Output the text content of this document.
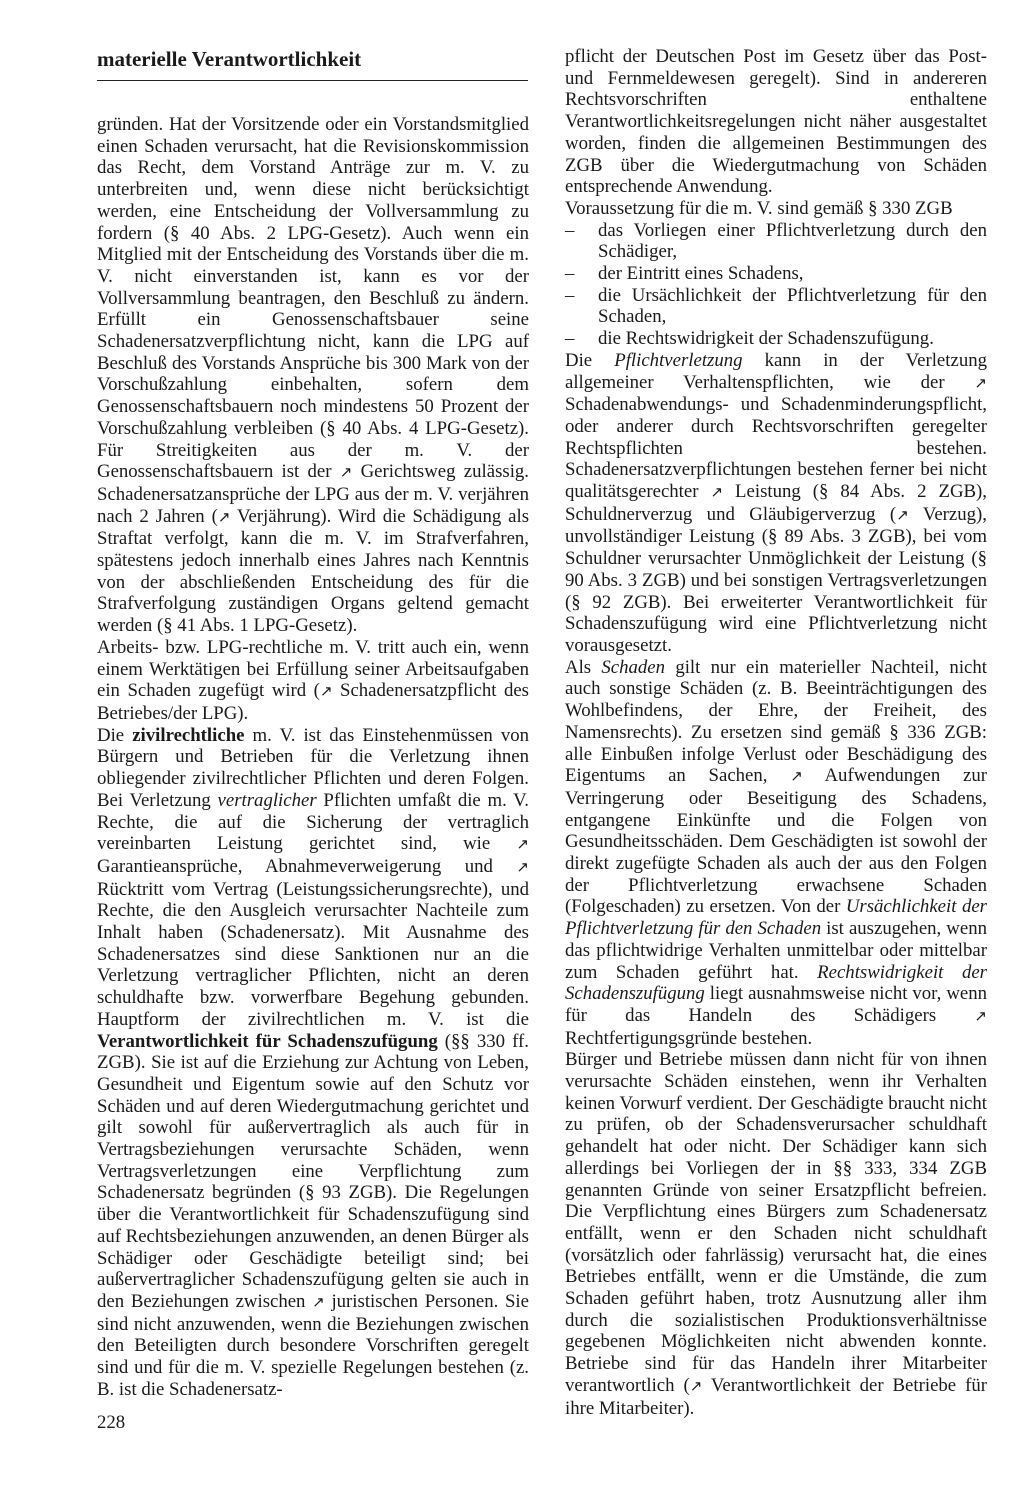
materielle Verantwortlichkeit

gründen. Hat der Vorsitzende oder ein Vorstandsmitglied einen Schaden verursacht, hat die Revisionskommission das Recht, dem Vorstand Anträge zur m. V. zu unterbreiten und, wenn diese nicht berücksichtigt werden, eine Entscheidung der Vollversammlung zu fordern (§ 40 Abs. 2 LPG-Gesetz). Auch wenn ein Mitglied mit der Entscheidung des Vorstands über die m. V. nicht einverstanden ist, kann es vor der Vollversammlung beantragen, den Beschluß zu ändern. Erfüllt ein Genossenschaftsbauer seine Schadenersatzverpflichtung nicht, kann die LPG auf Beschluß des Vorstands Ansprüche bis 300 Mark von der Vorschußzahlung einbehalten, sofern dem Genossenschaftsbauern noch mindestens 50 Prozent der Vorschußzahlung verbleiben (§ 40 Abs. 4 LPG-Gesetz). Für Streitigkeiten aus der m. V. der Genossenschaftsbauern ist der ↗ Gerichtsweg zulässig. Schadenersatzansprüche der LPG aus der m. V. verjähren nach 2 Jahren (↗ Verjährung). Wird die Schädigung als Straftat verfolgt, kann die m. V. im Strafverfahren, spätestens jedoch innerhalb eines Jahres nach Kenntnis von der abschließenden Entscheidung des für die Strafverfolgung zuständigen Organs geltend gemacht werden (§ 41 Abs. 1 LPG-Gesetz).

Arbeits- bzw. LPG-rechtliche m. V. tritt auch ein, wenn einem Werktätigen bei Erfüllung seiner Arbeitsaufgaben ein Schaden zugefügt wird (↗ Schadenersatzpflicht des Betriebes/der LPG).

Die zivilrechtliche m. V. ist das Einstehenmüssen von Bürgern und Betrieben für die Verletzung ihnen obliegender zivilrechtlicher Pflichten und deren Folgen. Bei Verletzung vertraglicher Pflichten umfaßt die m. V. Rechte, die auf die Sicherung der vertraglich vereinbarten Leistung gerichtet sind, wie ↗ Garantieansprüche, Abnahmeverweigerung und ↗ Rücktritt vom Vertrag (Leistungssicherungsrechte), und Rechte, die den Ausgleich verursachter Nachteile zum Inhalt haben (Schadenersatz). Mit Ausnahme des Schadenersatzes sind diese Sanktionen nur an die Verletzung vertraglicher Pflichten, nicht an deren schuldhafte bzw. vorwerfbare Begehung gebunden. Hauptform der zivilrechtlichen m. V. ist die Verantwortlichkeit für Schadenszufügung (§§ 330 ff. ZGB). Sie ist auf die Erziehung zur Achtung von Leben, Gesundheit und Eigentum sowie auf den Schutz vor Schäden und auf deren Wiedergutmachung gerichtet und gilt sowohl für außervertraglich als auch für in Vertragsbeziehungen verursachte Schäden, wenn Vertragsverletzungen eine Verpflichtung zum Schadenersatz begründen (§ 93 ZGB). Die Regelungen über die Verantwortlichkeit für Schadenszufügung sind auf Rechtsbeziehungen anzuwenden, an denen Bürger als Schädiger oder Geschädigte beteiligt sind; bei außervertraglicher Schadenszufügung gelten sie auch in den Beziehungen zwischen ↗ juristischen Personen. Sie sind nicht anzuwenden, wenn die Beziehungen zwischen den Beteiligten durch besondere Vorschriften geregelt sind und für die m. V. spezielle Regelungen bestehen (z. B. ist die Schadenersatz-

pflicht der Deutschen Post im Gesetz über das Post- und Fernmeldewesen geregelt). Sind in andereren Rechtsvorschriften enthaltene Verantwortlichkeitsregelungen nicht näher ausgestaltet worden, finden die allgemeinen Bestimmungen des ZGB über die Wiedergutmachung von Schäden entsprechende Anwendung.

Voraussetzung für die m. V. sind gemäß § 330 ZGB

– das Vorliegen einer Pflichtverletzung durch den Schädiger,
– der Eintritt eines Schadens,
– die Ursächlichkeit der Pflichtverletzung für den Schaden,
– die Rechtswidrigkeit der Schadenszufügung.

Die Pflichtverletzung kann in der Verletzung allgemeiner Verhaltenspflichten, wie der ↗ Schadenabwendungs- und Schadenminderungspflicht, oder anderer durch Rechtsvorschriften geregelter Rechtspflichten bestehen. Schadenersatzverpflichtungen bestehen ferner bei nicht qualitätsgerechter ↗ Leistung (§ 84 Abs. 2 ZGB), Schuldnerverzug und Gläubigerverzug (↗ Verzug), unvollständiger Leistung (§ 89 Abs. 3 ZGB), bei vom Schuldner verursachter Unmöglichkeit der Leistung (§ 90 Abs. 3 ZGB) und bei sonstigen Vertragsverletzungen (§ 92 ZGB). Bei erweiterter Verantwortlichkeit für Schadenszufügung wird eine Pflichtverletzung nicht vorausgesetzt.

Als Schaden gilt nur ein materieller Nachteil, nicht auch sonstige Schäden (z. B. Beeinträchtigungen des Wohlbefindens, der Ehre, der Freiheit, des Namensrechts). Zu ersetzen sind gemäß § 336 ZGB: alle Einbußen infolge Verlust oder Beschädigung des Eigentums an Sachen, ↗ Aufwendungen zur Verringerung oder Beseitigung des Schadens, entgangene Einkünfte und die Folgen von Gesundheitsschäden. Dem Geschädigten ist sowohl der direkt zugefügte Schaden als auch der aus den Folgen der Pflichtverletzung erwachsene Schaden (Folgeschaden) zu ersetzen. Von der Ursächlichkeit der Pflichtverletzung für den Schaden ist auszugehen, wenn das pflichtwidrige Verhalten unmittelbar oder mittelbar zum Schaden geführt hat. Rechtswidrigkeit der Schadenszufügung liegt ausnahmsweise nicht vor, wenn für das Handeln des Schädigers ↗ Rechtfertigungsgründe bestehen.

Bürger und Betriebe müssen dann nicht für von ihnen verursachte Schäden einstehen, wenn ihr Verhalten keinen Vorwurf verdient. Der Geschädigte braucht nicht zu prüfen, ob der Schadensverursacher schuldhaft gehandelt hat oder nicht. Der Schädiger kann sich allerdings bei Vorliegen der in §§ 333, 334 ZGB genannten Gründe von seiner Ersatzpflicht befreien. Die Verpflichtung eines Bürgers zum Schadenersatz entfällt, wenn er den Schaden nicht schuldhaft (vorsätzlich oder fahrlässig) verursacht hat, die eines Betriebes entfällt, wenn er die Umstände, die zum Schaden geführt haben, trotz Ausnutzung aller ihm durch die sozialistischen Produktionsverhältnisse gegebenen Möglichkeiten nicht abwenden konnte. Betriebe sind für das Handeln ihrer Mitarbeiter verantwortlich (↗ Verantwortlichkeit der Betriebe für ihre Mitarbeiter).

228
